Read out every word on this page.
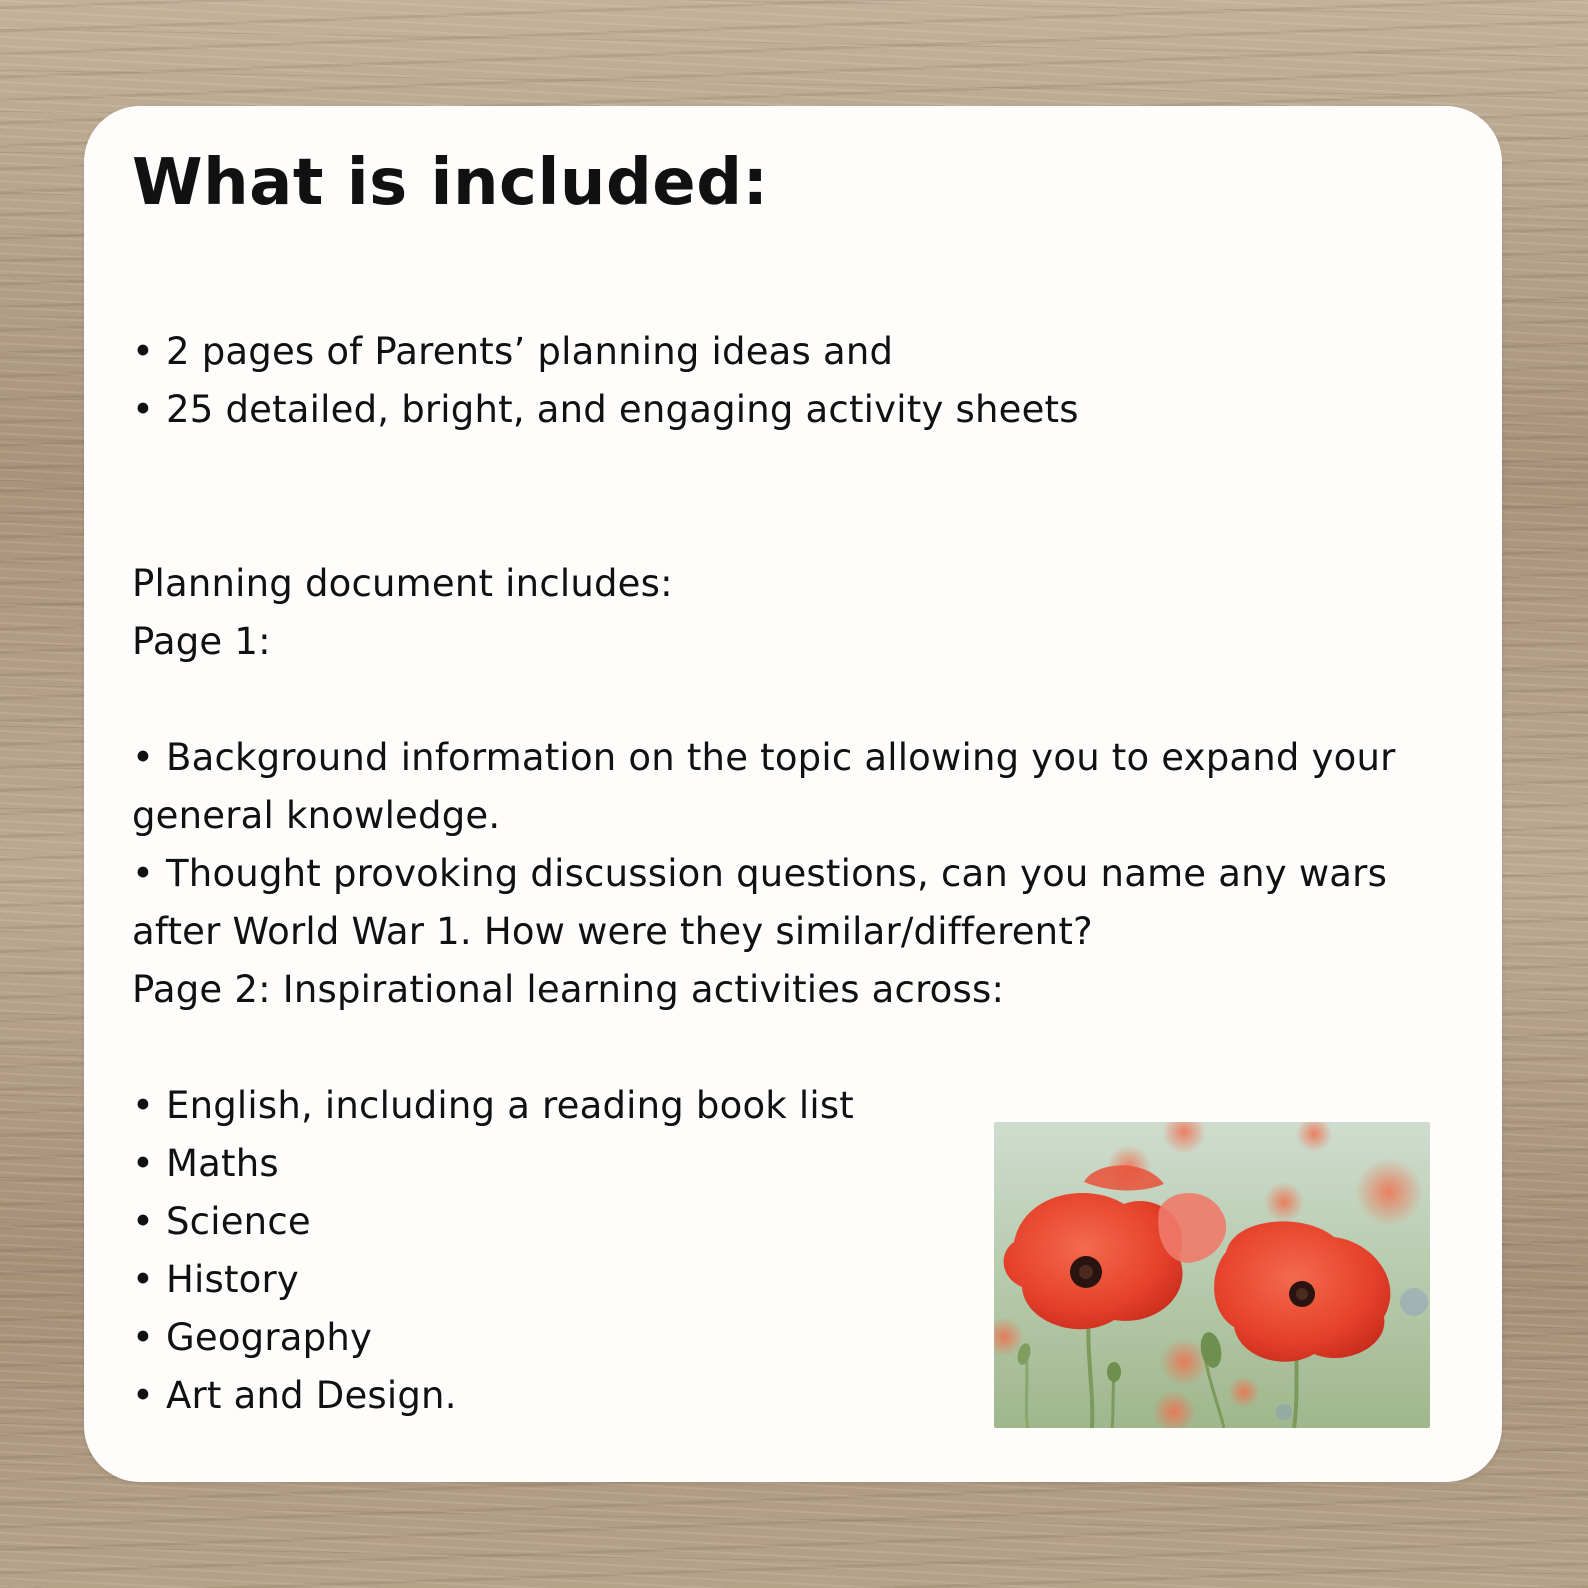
What is included:
• 2 pages of Parents’ planning ideas and
• 25 detailed, bright, and engaging activity sheets
Planning document includes:
Page 1:
• Background information on the topic allowing you to expand your
general knowledge.
• Thought provoking discussion questions, can you name any wars
after World War 1. How were they similar/different?
Page 2: Inspirational learning activities across:
• English, including a reading book list
• Maths
• Science
• History
• Geography
• Art and Design.
